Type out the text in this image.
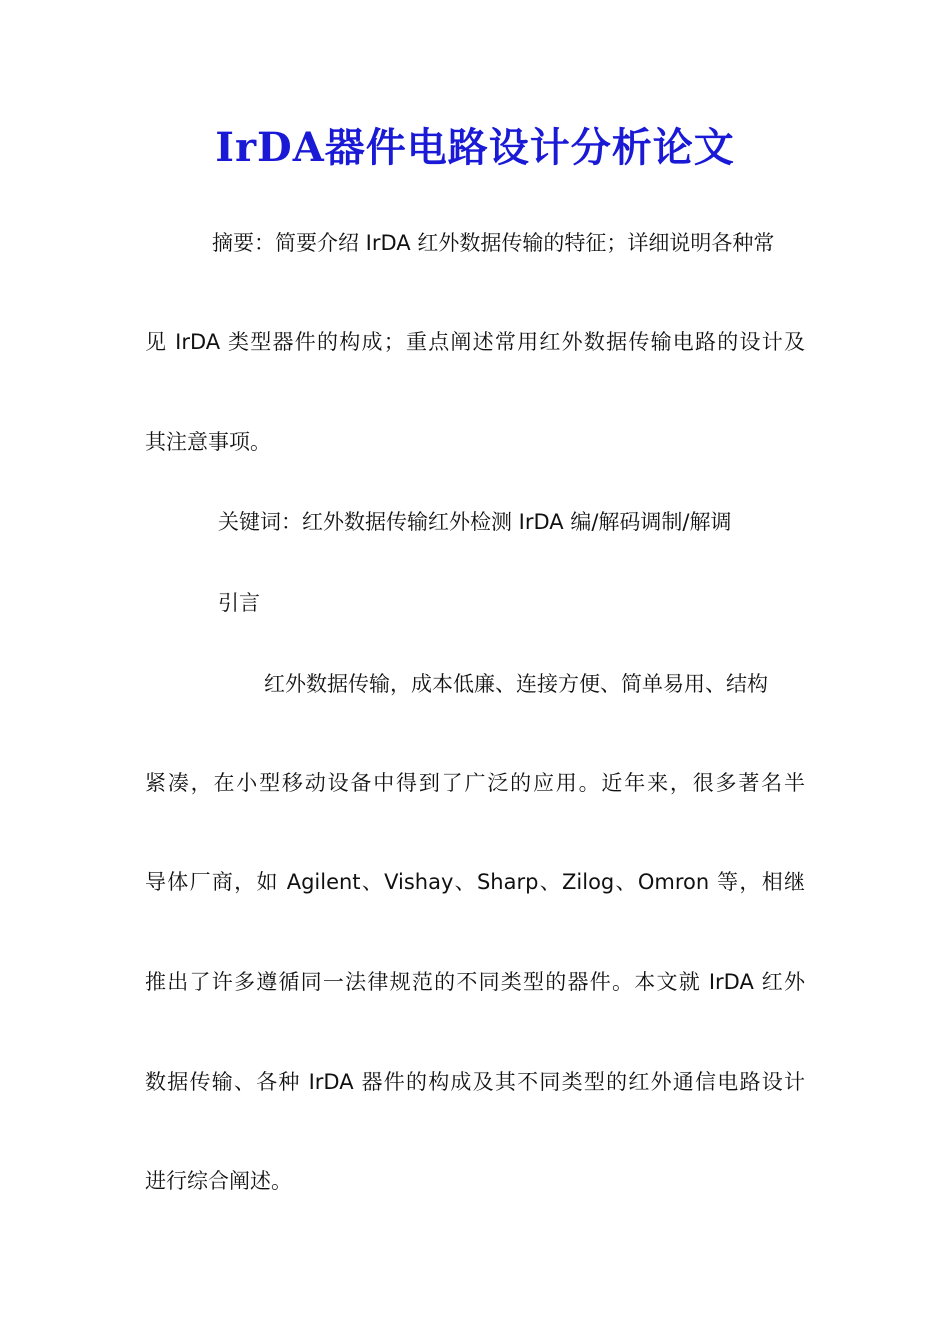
IrDA器件电路设计分析论文

摘要：简要介绍 IrDA 红外数据传输的特征；详细说明各种常

见 IrDA 类型器件的构成；重点阐述常用红外数据传输电路的设计及

其注意事项。

关键词：红外数据传输红外检测 IrDA 编/解码调制/解调

引言

红外数据传输，成本低廉、连接方便、简单易用、结构

紧凑，在小型移动设备中得到了广泛的应用。近年来，很多著名半

导体厂商，如 Agilent、Vishay、Sharp、Zilog、Omron 等，相继

推出了许多遵循同一法律规范的不同类型的器件。本文就 IrDA 红外

数据传输、各种 IrDA 器件的构成及其不同类型的红外通信电路设计

进行综合阐述。
